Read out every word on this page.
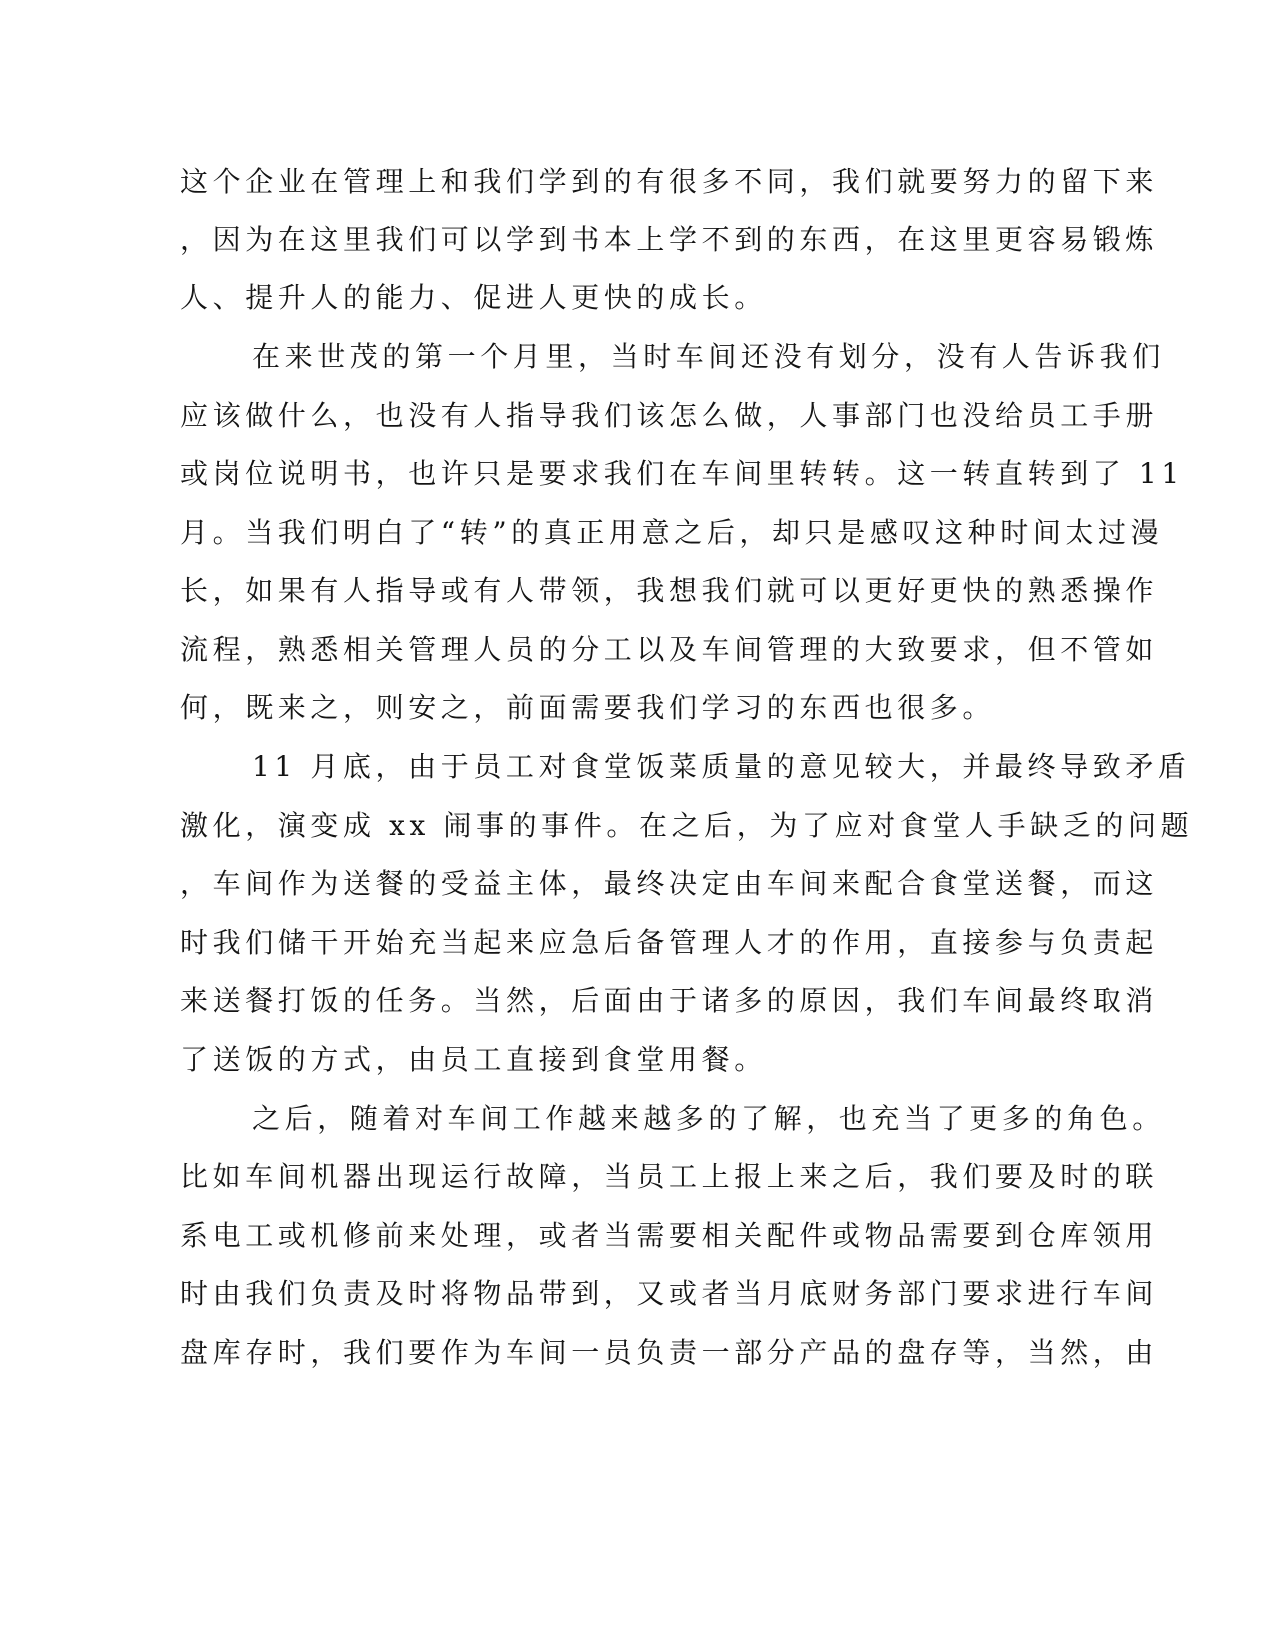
这个企业在管理上和我们学到的有很多不同，我们就要努力的留下来
，因为在这里我们可以学到书本上学不到的东西，在这里更容易锻炼
人、提升人的能力、促进人更快的成长。
在来世茂的第一个月里，当时车间还没有划分，没有人告诉我们
应该做什么，也没有人指导我们该怎么做，人事部门也没给员工手册
或岗位说明书，也许只是要求我们在车间里转转。这一转直转到了 11
月。当我们明白了“转”的真正用意之后，却只是感叹这种时间太过漫
长，如果有人指导或有人带领，我想我们就可以更好更快的熟悉操作
流程，熟悉相关管理人员的分工以及车间管理的大致要求，但不管如
何，既来之，则安之，前面需要我们学习的东西也很多。
11 月底，由于员工对食堂饭菜质量的意见较大，并最终导致矛盾
激化，演变成 xx 闹事的事件。在之后，为了应对食堂人手缺乏的问题
，车间作为送餐的受益主体，最终决定由车间来配合食堂送餐，而这
时我们储干开始充当起来应急后备管理人才的作用，直接参与负责起
来送餐打饭的任务。当然，后面由于诸多的原因，我们车间最终取消
了送饭的方式，由员工直接到食堂用餐。
之后，随着对车间工作越来越多的了解，也充当了更多的角色。
比如车间机器出现运行故障，当员工上报上来之后，我们要及时的联
系电工或机修前来处理，或者当需要相关配件或物品需要到仓库领用
时由我们负责及时将物品带到，又或者当月底财务部门要求进行车间
盘库存时，我们要作为车间一员负责一部分产品的盘存等，当然，由
